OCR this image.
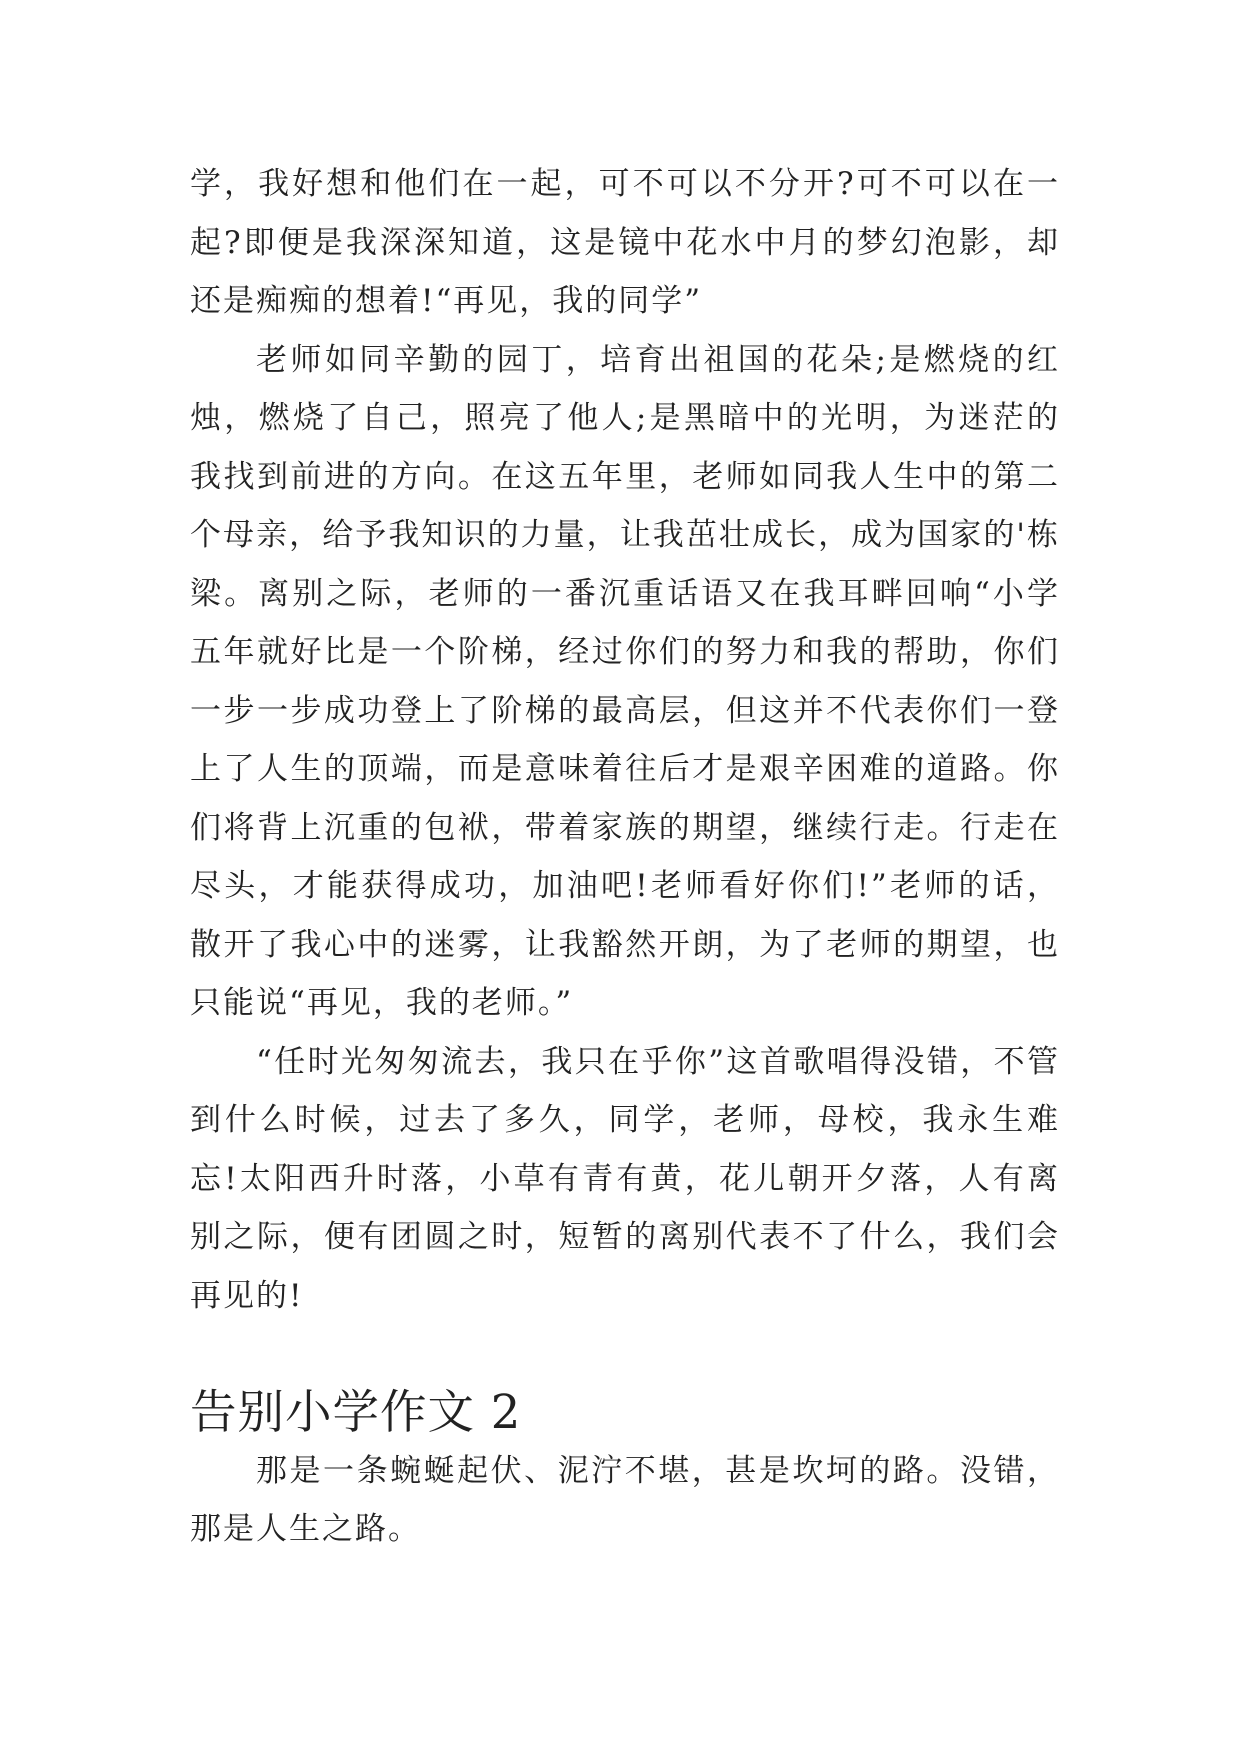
学，我好想和他们在一起，可不可以不分开?可不可以在一起?即便是我深深知道，这是镜中花水中月的梦幻泡影，却还是痴痴的想着!“再见，我的同学”

老师如同辛勤的园丁，培育出祖国的花朵;是燃烧的红烛，燃烧了自己，照亮了他人;是黑暗中的光明，为迷茫的我找到前进的方向。在这五年里，老师如同我人生中的第二个母亲，给予我知识的力量，让我茁壮成长，成为国家的'栋梁。离别之际，老师的一番沉重话语又在我耳畔回响“小学五年就好比是一个阶梯，经过你们的努力和我的帮助，你们一步一步成功登上了阶梯的最高层，但这并不代表你们一登上了人生的顶端，而是意味着往后才是艰辛困难的道路。你们将背上沉重的包袱，带着家族的期望，继续行走。行走在尽头，才能获得成功，加油吧!老师看好你们!”老师的话，散开了我心中的迷雾，让我豁然开朗，为了老师的期望，也只能说“再见，我的老师。”

“任时光匆匆流去，我只在乎你”这首歌唱得没错，不管到什么时候，过去了多久，同学，老师，母校，我永生难忘!太阳西升时落，小草有青有黄，花儿朝开夕落，人有离别之际，便有团圆之时，短暂的离别代表不了什么，我们会再见的!

告别小学作文 2

那是一条蜿蜒起伏、泥泞不堪，甚是坎坷的路。没错，那是人生之路。
